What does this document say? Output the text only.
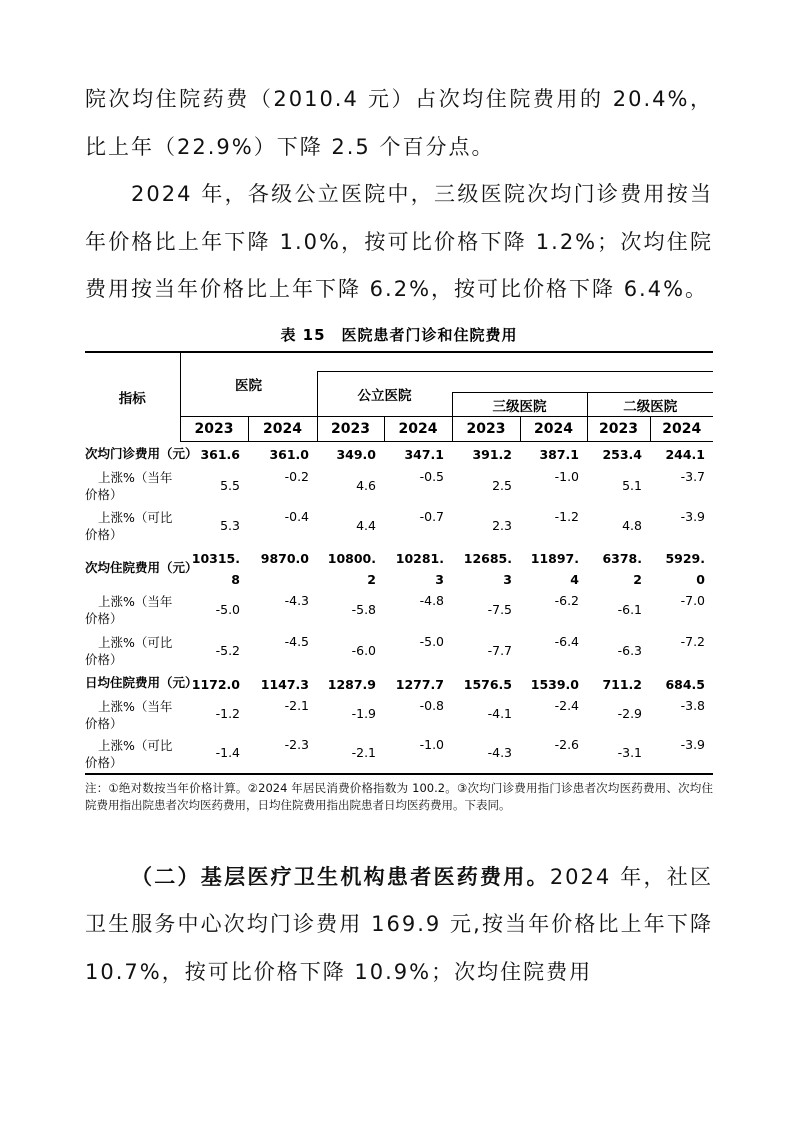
院次均住院药费（2010.4 元）占次均住院费用的 20.4%，比上年（22.9%）下降 2.5 个百分点。

2024 年，各级公立医院中，三级医院次均门诊费用按当年价格比上年下降 1.0%，按可比价格下降 1.2%；次均住院费用按当年价格比上年下降 6.2%，按可比价格下降 6.4%。

表 15　医院患者门诊和住院费用
指标	医院							
			公立医院					
					三级医院		二级医院	
	2023	2024	2023	2024	2023	2024	2023	2024

次均门诊费用（元）	361.6	361.0	349.0	347.1	391.2	387.1	253.4	244.1

上涨%（当年价格）	5.5	-0.2	4.6	-0.5	2.5	-1.0	5.1	-3.7

上涨%（可比价格）	5.3	-0.4	4.4	-0.7	2.3	-1.2	4.8	-3.9

次均住院费用（元）	10315.8	9870.0	10800.2	10281.3	12685.3	11897.4	6378.2	5929.0

上涨%（当年价格）	-5.0	-4.3	-5.8	-4.8	-7.5	-6.2	-6.1	-7.0

上涨%（可比价格）	-5.2	-4.5	-6.0	-5.0	-7.7	-6.4	-6.3	-7.2

日均住院费用（元）	1172.0	1147.3	1287.9	1277.7	1576.5	1539.0	711.2	684.5

上涨%（当年价格）	-1.2	-2.1	-1.9	-0.8	-4.1	-2.4	-2.9	-3.8

上涨%（可比价格）	-1.4	-2.3	-2.1	-1.0	-4.3	-2.6	-3.1	-3.9
注：①绝对数按当年价格计算。②2024 年居民消费价格指数为 100.2。③次均门诊费用指门诊患者次均医药费用、次均住院费用指出院患者次均医药费用，日均住院费用指出院患者日均医药费用。下表同。

（二）基层医疗卫生机构患者医药费用。2024 年，社区卫生服务中心次均门诊费用 169.9 元,按当年价格比上年下降 10.7%，按可比价格下降 10.9%；次均住院费用
